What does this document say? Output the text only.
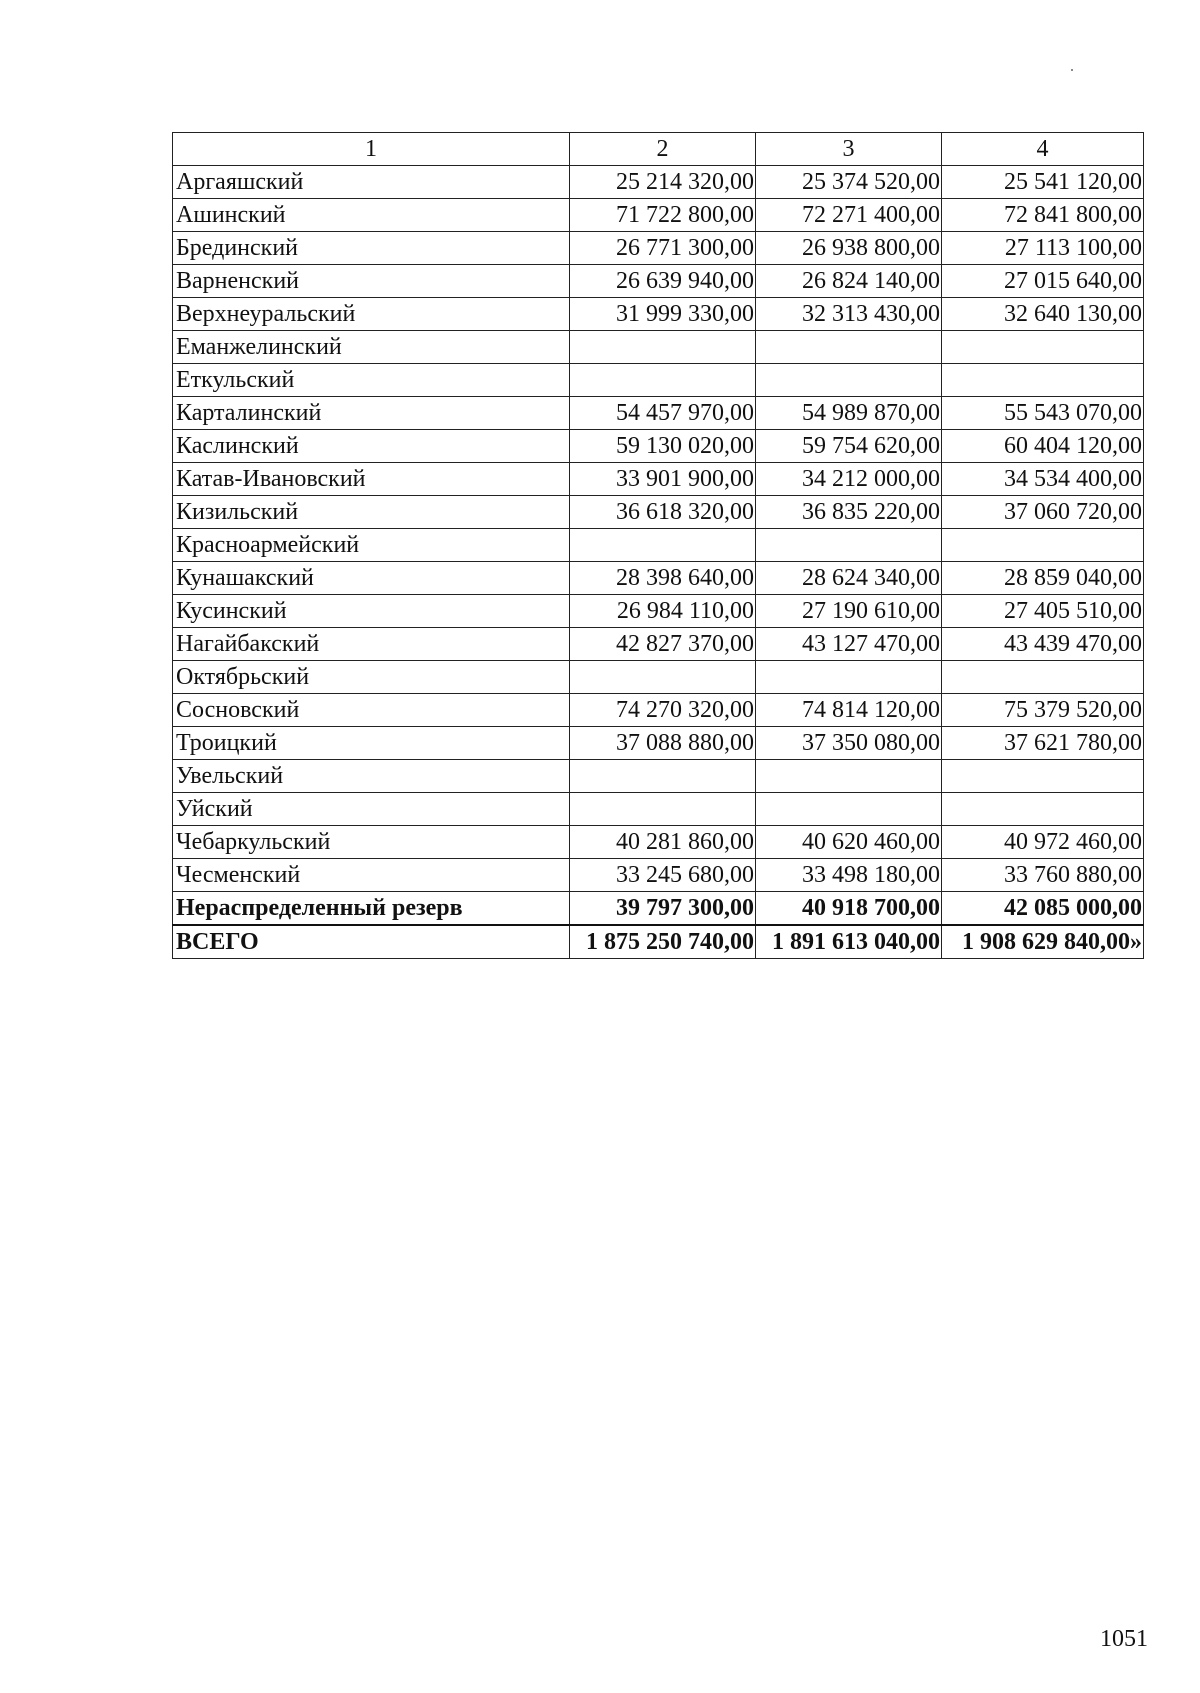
1	2	3	4
Аргаяшский	25 214 320,00	25 374 520,00	25 541 120,00
Ашинский	71 722 800,00	72 271 400,00	72 841 800,00
Брединский	26 771 300,00	26 938 800,00	27 113 100,00
Варненский	26 639 940,00	26 824 140,00	27 015 640,00
Верхнеуральский	31 999 330,00	32 313 430,00	32 640 130,00
Еманжелинский			
Еткульский			
Карталинский	54 457 970,00	54 989 870,00	55 543 070,00
Каслинский	59 130 020,00	59 754 620,00	60 404 120,00
Катав-Ивановский	33 901 900,00	34 212 000,00	34 534 400,00
Кизильский	36 618 320,00	36 835 220,00	37 060 720,00
Красноармейский			
Кунашакский	28 398 640,00	28 624 340,00	28 859 040,00
Кусинский	26 984 110,00	27 190 610,00	27 405 510,00
Нагайбакский	42 827 370,00	43 127 470,00	43 439 470,00
Октябрьский			
Сосновский	74 270 320,00	74 814 120,00	75 379 520,00
Троицкий	37 088 880,00	37 350 080,00	37 621 780,00
Увельский			
Уйский			
Чебаркульский	40 281 860,00	40 620 460,00	40 972 460,00
Чесменский	33 245 680,00	33 498 180,00	33 760 880,00
Нераспределенный резерв	39 797 300,00	40 918 700,00	42 085 000,00
ВСЕГО	1 875 250 740,00	1 891 613 040,00	1 908 629 840,00»
1051
